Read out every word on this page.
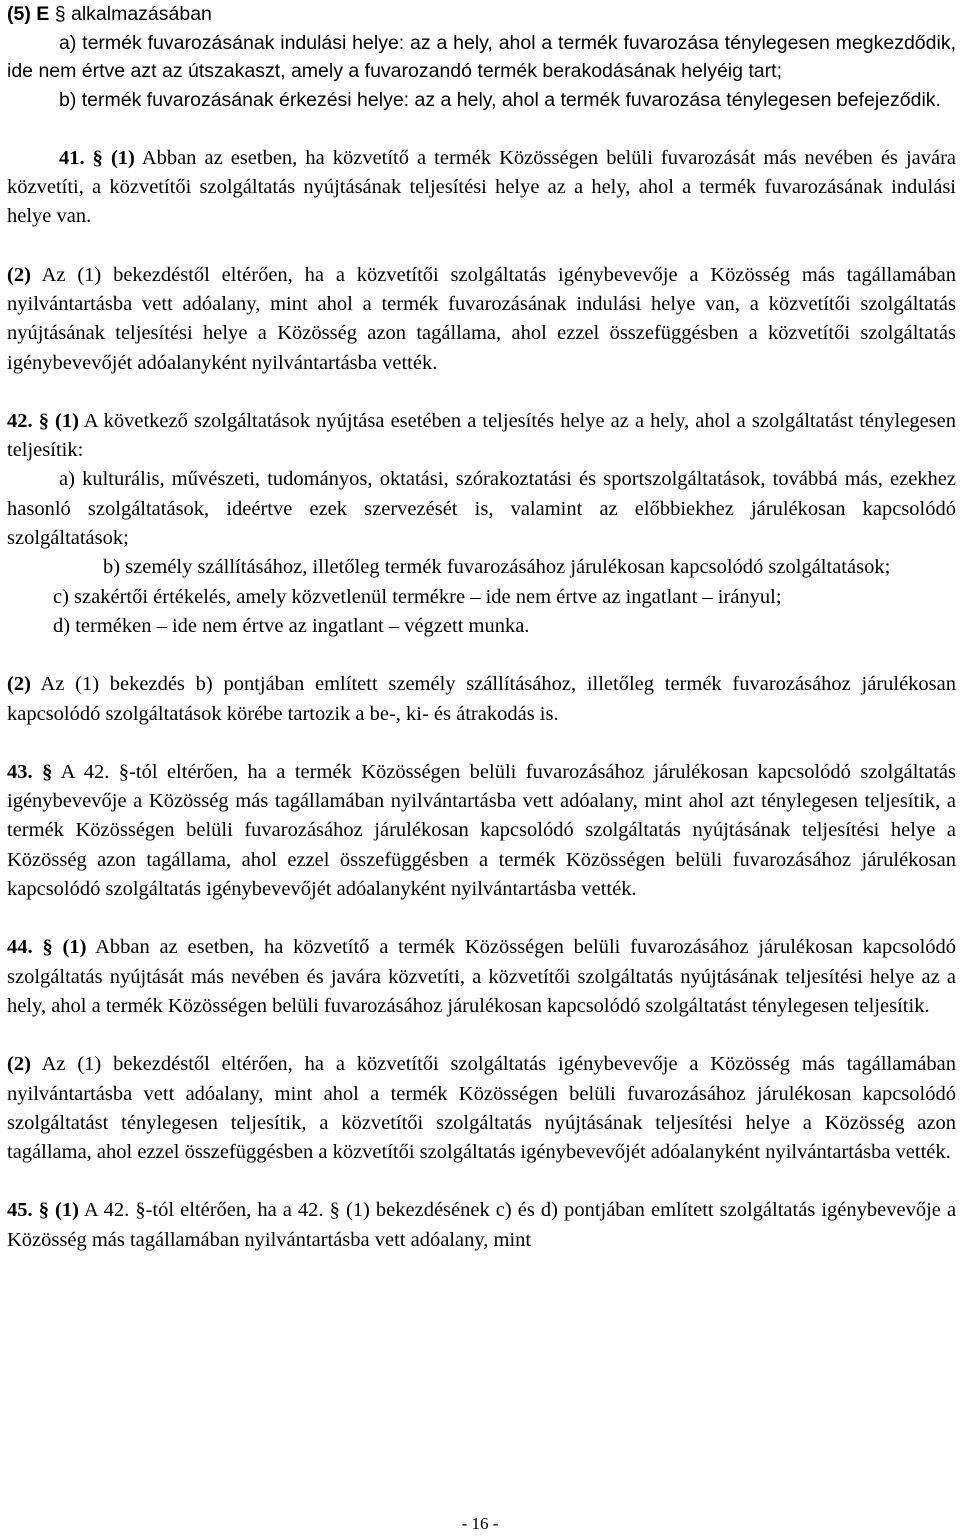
(5) E § alkalmazásában

a) termék fuvarozásának indulási helye: az a hely, ahol a termék fuvarozása ténylegesen megkezdődik, ide nem értve azt az útszakaszt, amely a fuvarozandó termék berakodásának helyéig tart;

b) termék fuvarozásának érkezési helye: az a hely, ahol a termék fuvarozása ténylegesen befejeződik.

41. § (1) Abban az esetben, ha közvetítő a termék Közösségen belüli fuvarozását más nevében és javára közvetíti, a közvetítői szolgáltatás nyújtásának teljesítési helye az a hely, ahol a termék fuvarozásának indulási helye van.

(2) Az (1) bekezdéstől eltérően, ha a közvetítői szolgáltatás igénybevevője a Közösség más tagállamában nyilvántartásba vett adóalany, mint ahol a termék fuvarozásának indulási helye van, a közvetítői szolgáltatás nyújtásának teljesítési helye a Közösség azon tagállama, ahol ezzel összefüggésben a közvetítői szolgáltatás igénybevevőjét adóalanyként nyilvántartásba vették.

42. § (1) A következő szolgáltatások nyújtása esetében a teljesítés helye az a hely, ahol a szolgáltatást ténylegesen teljesítik:

a) kulturális, művészeti, tudományos, oktatási, szórakoztatási és sportszolgáltatások, továbbá más, ezekhez hasonló szolgáltatások, ideértve ezek szervezését is, valamint az előbbiekhez járulékosan kapcsolódó szolgáltatások;

b) személy szállításához, illetőleg termék fuvarozásához járulékosan kapcsolódó szolgáltatások;

c) szakértői értékelés, amely közvetlenül termékre – ide nem értve az ingatlant – irányul;

d) terméken – ide nem értve az ingatlant – végzett munka.

(2) Az (1) bekezdés b) pontjában említett személy szállításához, illetőleg termék fuvarozásához járulékosan kapcsolódó szolgáltatások körébe tartozik a be-, ki- és átrakodás is.

43. § A 42. §-tól eltérően, ha a termék Közösségen belüli fuvarozásához járulékosan kapcsolódó szolgáltatás igénybevevője a Közösség más tagállamában nyilvántartásba vett adóalany, mint ahol azt ténylegesen teljesítik, a termék Közösségen belüli fuvarozásához járulékosan kapcsolódó szolgáltatás nyújtásának teljesítési helye a Közösség azon tagállama, ahol ezzel összefüggésben a termék Közösségen belüli fuvarozásához járulékosan kapcsolódó szolgáltatás igénybevevőjét adóalanyként nyilvántartásba vették.

44. § (1) Abban az esetben, ha közvetítő a termék Közösségen belüli fuvarozásához járulékosan kapcsolódó szolgáltatás nyújtását más nevében és javára közvetíti, a közvetítői szolgáltatás nyújtásának teljesítési helye az a hely, ahol a termék Közösségen belüli fuvarozásához járulékosan kapcsolódó szolgáltatást ténylegesen teljesítik.

(2) Az (1) bekezdéstől eltérően, ha a közvetítői szolgáltatás igénybevevője a Közösség más tagállamában nyilvántartásba vett adóalany, mint ahol a termék Közösségen belüli fuvarozásához járulékosan kapcsolódó szolgáltatást ténylegesen teljesítik, a közvetítői szolgáltatás nyújtásának teljesítési helye a Közösség azon tagállama, ahol ezzel összefüggésben a közvetítői szolgáltatás igénybevevőjét adóalanyként nyilvántartásba vették.

45. § (1) A 42. §-tól eltérően, ha a 42. § (1) bekezdésének c) és d) pontjában említett szolgáltatás igénybevevője a Közösség más tagállamában nyilvántartásba vett adóalany, mint

- 16 -
